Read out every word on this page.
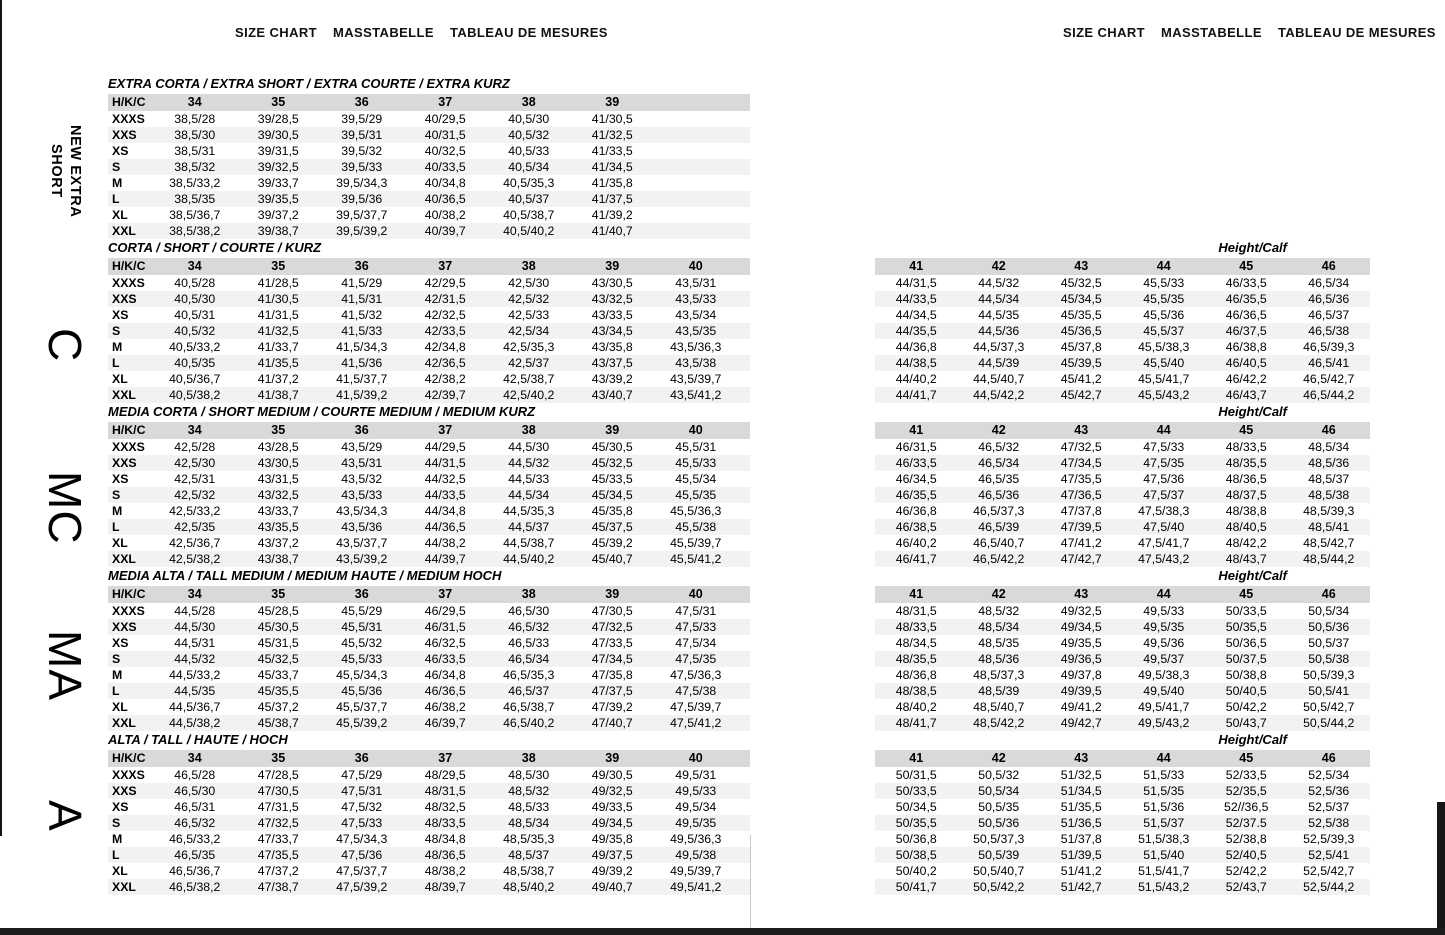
SIZE CHART MASSTABELLE TABLEAU DE MESURES	SIZE CHART MASSTABELLE TABLEAU DE MESURES
NEW EXTRA
SHORT
C
MC
MA
A
EXTRA CORTA / EXTRA SHORT / EXTRA COURTE / EXTRA KURZ
H/K/C	34	35	36	37	38	39
XXXS	38,5/28	39/28,5	39,5/29	40/29,5	40,5/30	41/30,5
XXS	38,5/30	39/30,5	39,5/31	40/31,5	40,5/32	41/32,5
XS	38,5/31	39/31,5	39,5/32	40/32,5	40,5/33	41/33,5
S	38,5/32	39/32,5	39,5/33	40/33,5	40,5/34	41/34,5
M	38,5/33,2	39/33,7	39,5/34,3	40/34,8	40,5/35,3	41/35,8
L	38,5/35	39/35,5	39,5/36	40/36,5	40,5/37	41/37,5
XL	38,5/36,7	39/37,2	39,5/37,7	40/38,2	40,5/38,7	41/39,2
XXL	38,5/38,2	39/38,7	39,5/39,2	40/39,7	40,5/40,2	41/40,7
CORTA / SHORT / COURTE / KURZ
H/K/C	34	35	36	37	38	39	40
XXXS	40,5/28	41/28,5	41,5/29	42/29,5	42,5/30	43/30,5	43,5/31
XXS	40,5/30	41/30,5	41,5/31	42/31,5	42,5/32	43/32,5	43,5/33
XS	40,5/31	41/31,5	41,5/32	42/32,5	42,5/33	43/33,5	43,5/34
S	40,5/32	41/32,5	41,5/33	42/33,5	42,5/34	43/34,5	43,5/35
M	40,5/33,2	41/33,7	41,5/34,3	42/34,8	42,5/35,3	43/35,8	43,5/36,3
L	40,5/35	41/35,5	41,5/36	42/36,5	42,5/37	43/37,5	43,5/38
XL	40,5/36,7	41/37,2	41,5/37,7	42/38,2	42,5/38,7	43/39,2	43,5/39,7
XXL	40,5/38,2	41/38,7	41,5/39,2	42/39,7	42,5/40,2	43/40,7	43,5/41,2
MEDIA CORTA / SHORT MEDIUM / COURTE MEDIUM / MEDIUM KURZ
H/K/C	34	35	36	37	38	39	40
XXXS	42,5/28	43/28,5	43,5/29	44/29,5	44,5/30	45/30,5	45,5/31
XXS	42,5/30	43/30,5	43,5/31	44/31,5	44,5/32	45/32,5	45,5/33
XS	42,5/31	43/31,5	43,5/32	44/32,5	44,5/33	45/33,5	45,5/34
S	42,5/32	43/32,5	43,5/33	44/33,5	44,5/34	45/34,5	45,5/35
M	42,5/33,2	43/33,7	43,5/34,3	44/34,8	44,5/35,3	45/35,8	45,5/36,3
L	42,5/35	43/35,5	43,5/36	44/36,5	44,5/37	45/37,5	45,5/38
XL	42,5/36,7	43/37,2	43,5/37,7	44/38,2	44,5/38,7	45/39,2	45,5/39,7
XXL	42,5/38,2	43/38,7	43,5/39,2	44/39,7	44,5/40,2	45/40,7	45,5/41,2
MEDIA ALTA / TALL MEDIUM / MEDIUM HAUTE / MEDIUM HOCH
H/K/C	34	35	36	37	38	39	40
XXXS	44,5/28	45/28,5	45,5/29	46/29,5	46,5/30	47/30,5	47,5/31
XXS	44,5/30	45/30,5	45,5/31	46/31,5	46,5/32	47/32,5	47,5/33
XS	44,5/31	45/31,5	45,5/32	46/32,5	46,5/33	47/33,5	47,5/34
S	44,5/32	45/32,5	45,5/33	46/33,5	46,5/34	47/34,5	47,5/35
M	44,5/33,2	45/33,7	45,5/34,3	46/34,8	46,5/35,3	47/35,8	47,5/36,3
L	44,5/35	45/35,5	45,5/36	46/36,5	46,5/37	47/37,5	47,5/38
XL	44,5/36,7	45/37,2	45,5/37,7	46/38,2	46,5/38,7	47/39,2	47,5/39,7
XXL	44,5/38,2	45/38,7	45,5/39,2	46/39,7	46,5/40,2	47/40,7	47,5/41,2
ALTA / TALL / HAUTE / HOCH
H/K/C	34	35	36	37	38	39	40
XXXS	46,5/28	47/28,5	47,5/29	48/29,5	48,5/30	49/30,5	49,5/31
XXS	46,5/30	47/30,5	47,5/31	48/31,5	48,5/32	49/32,5	49,5/33
XS	46,5/31	47/31,5	47,5/32	48/32,5	48,5/33	49/33,5	49,5/34
S	46,5/32	47/32,5	47,5/33	48/33,5	48,5/34	49/34,5	49,5/35
M	46,5/33,2	47/33,7	47,5/34,3	48/34,8	48,5/35,3	49/35,8	49,5/36,3
L	46,5/35	47/35,5	47,5/36	48/36,5	48,5/37	49/37,5	49,5/38
XL	46,5/36,7	47/37,2	47,5/37,7	48/38,2	48,5/38,7	49/39,2	49,5/39,7
XXL	46,5/38,2	47/38,7	47,5/39,2	48/39,7	48,5/40,2	49/40,7	49,5/41,2
Height/Calf
41	42	43	44	45	46
44/31,5	44,5/32	45/32,5	45,5/33	46/33,5	46,5/34
44/33,5	44,5/34	45/34,5	45,5/35	46/35,5	46,5/36
44/34,5	44,5/35	45/35,5	45,5/36	46/36,5	46,5/37
44/35,5	44,5/36	45/36,5	45,5/37	46/37,5	46,5/38
44/36,8	44,5/37,3	45/37,8	45,5/38,3	46/38,8	46,5/39,3
44/38,5	44,5/39	45/39,5	45,5/40	46/40,5	46,5/41
44/40,2	44,5/40,7	45/41,2	45,5/41,7	46/42,2	46,5/42,7
44/41,7	44,5/42,2	45/42,7	45,5/43,2	46/43,7	46,5/44,2
Height/Calf
41	42	43	44	45	46
46/31,5	46,5/32	47/32,5	47,5/33	48/33,5	48,5/34
46/33,5	46,5/34	47/34,5	47,5/35	48/35,5	48,5/36
46/34,5	46,5/35	47/35,5	47,5/36	48/36,5	48,5/37
46/35,5	46,5/36	47/36,5	47,5/37	48/37,5	48,5/38
46/36,8	46,5/37,3	47/37,8	47,5/38,3	48/38,8	48,5/39,3
46/38,5	46,5/39	47/39,5	47,5/40	48/40,5	48,5/41
46/40,2	46,5/40,7	47/41,2	47,5/41,7	48/42,2	48,5/42,7
46/41,7	46,5/42,2	47/42,7	47,5/43,2	48/43,7	48,5/44,2
Height/Calf
41	42	43	44	45	46
48/31,5	48,5/32	49/32,5	49,5/33	50/33,5	50,5/34
48/33,5	48,5/34	49/34,5	49,5/35	50/35,5	50,5/36
48/34,5	48,5/35	49/35,5	49,5/36	50/36,5	50,5/37
48/35,5	48,5/36	49/36,5	49,5/37	50/37,5	50,5/38
48/36,8	48,5/37,3	49/37,8	49,5/38,3	50/38,8	50,5/39,3
48/38,5	48,5/39	49/39,5	49,5/40	50/40,5	50,5/41
48/40,2	48,5/40,7	49/41,2	49,5/41,7	50/42,2	50,5/42,7
48/41,7	48,5/42,2	49/42,7	49,5/43,2	50/43,7	50,5/44,2
Height/Calf
41	42	43	44	45	46
50/31,5	50,5/32	51/32,5	51,5/33	52/33,5	52,5/34
50/33,5	50,5/34	51/34,5	51,5/35	52/35,5	52,5/36
50/34,5	50,5/35	51/35,5	51,5/36	52//36,5	52,5/37
50/35,5	50,5/36	51/36,5	51,5/37	52/37.5	52,5/38
50/36,8	50,5/37,3	51/37,8	51,5/38,3	52/38,8	52,5/39,3
50/38,5	50,5/39	51/39,5	51,5/40	52/40,5	52,5/41
50/40,2	50,5/40,7	51/41,2	51,5/41,7	52/42,2	52,5/42,7
50/41,7	50,5/42,2	51/42,7	51,5/43,2	52/43,7	52,5/44,2
